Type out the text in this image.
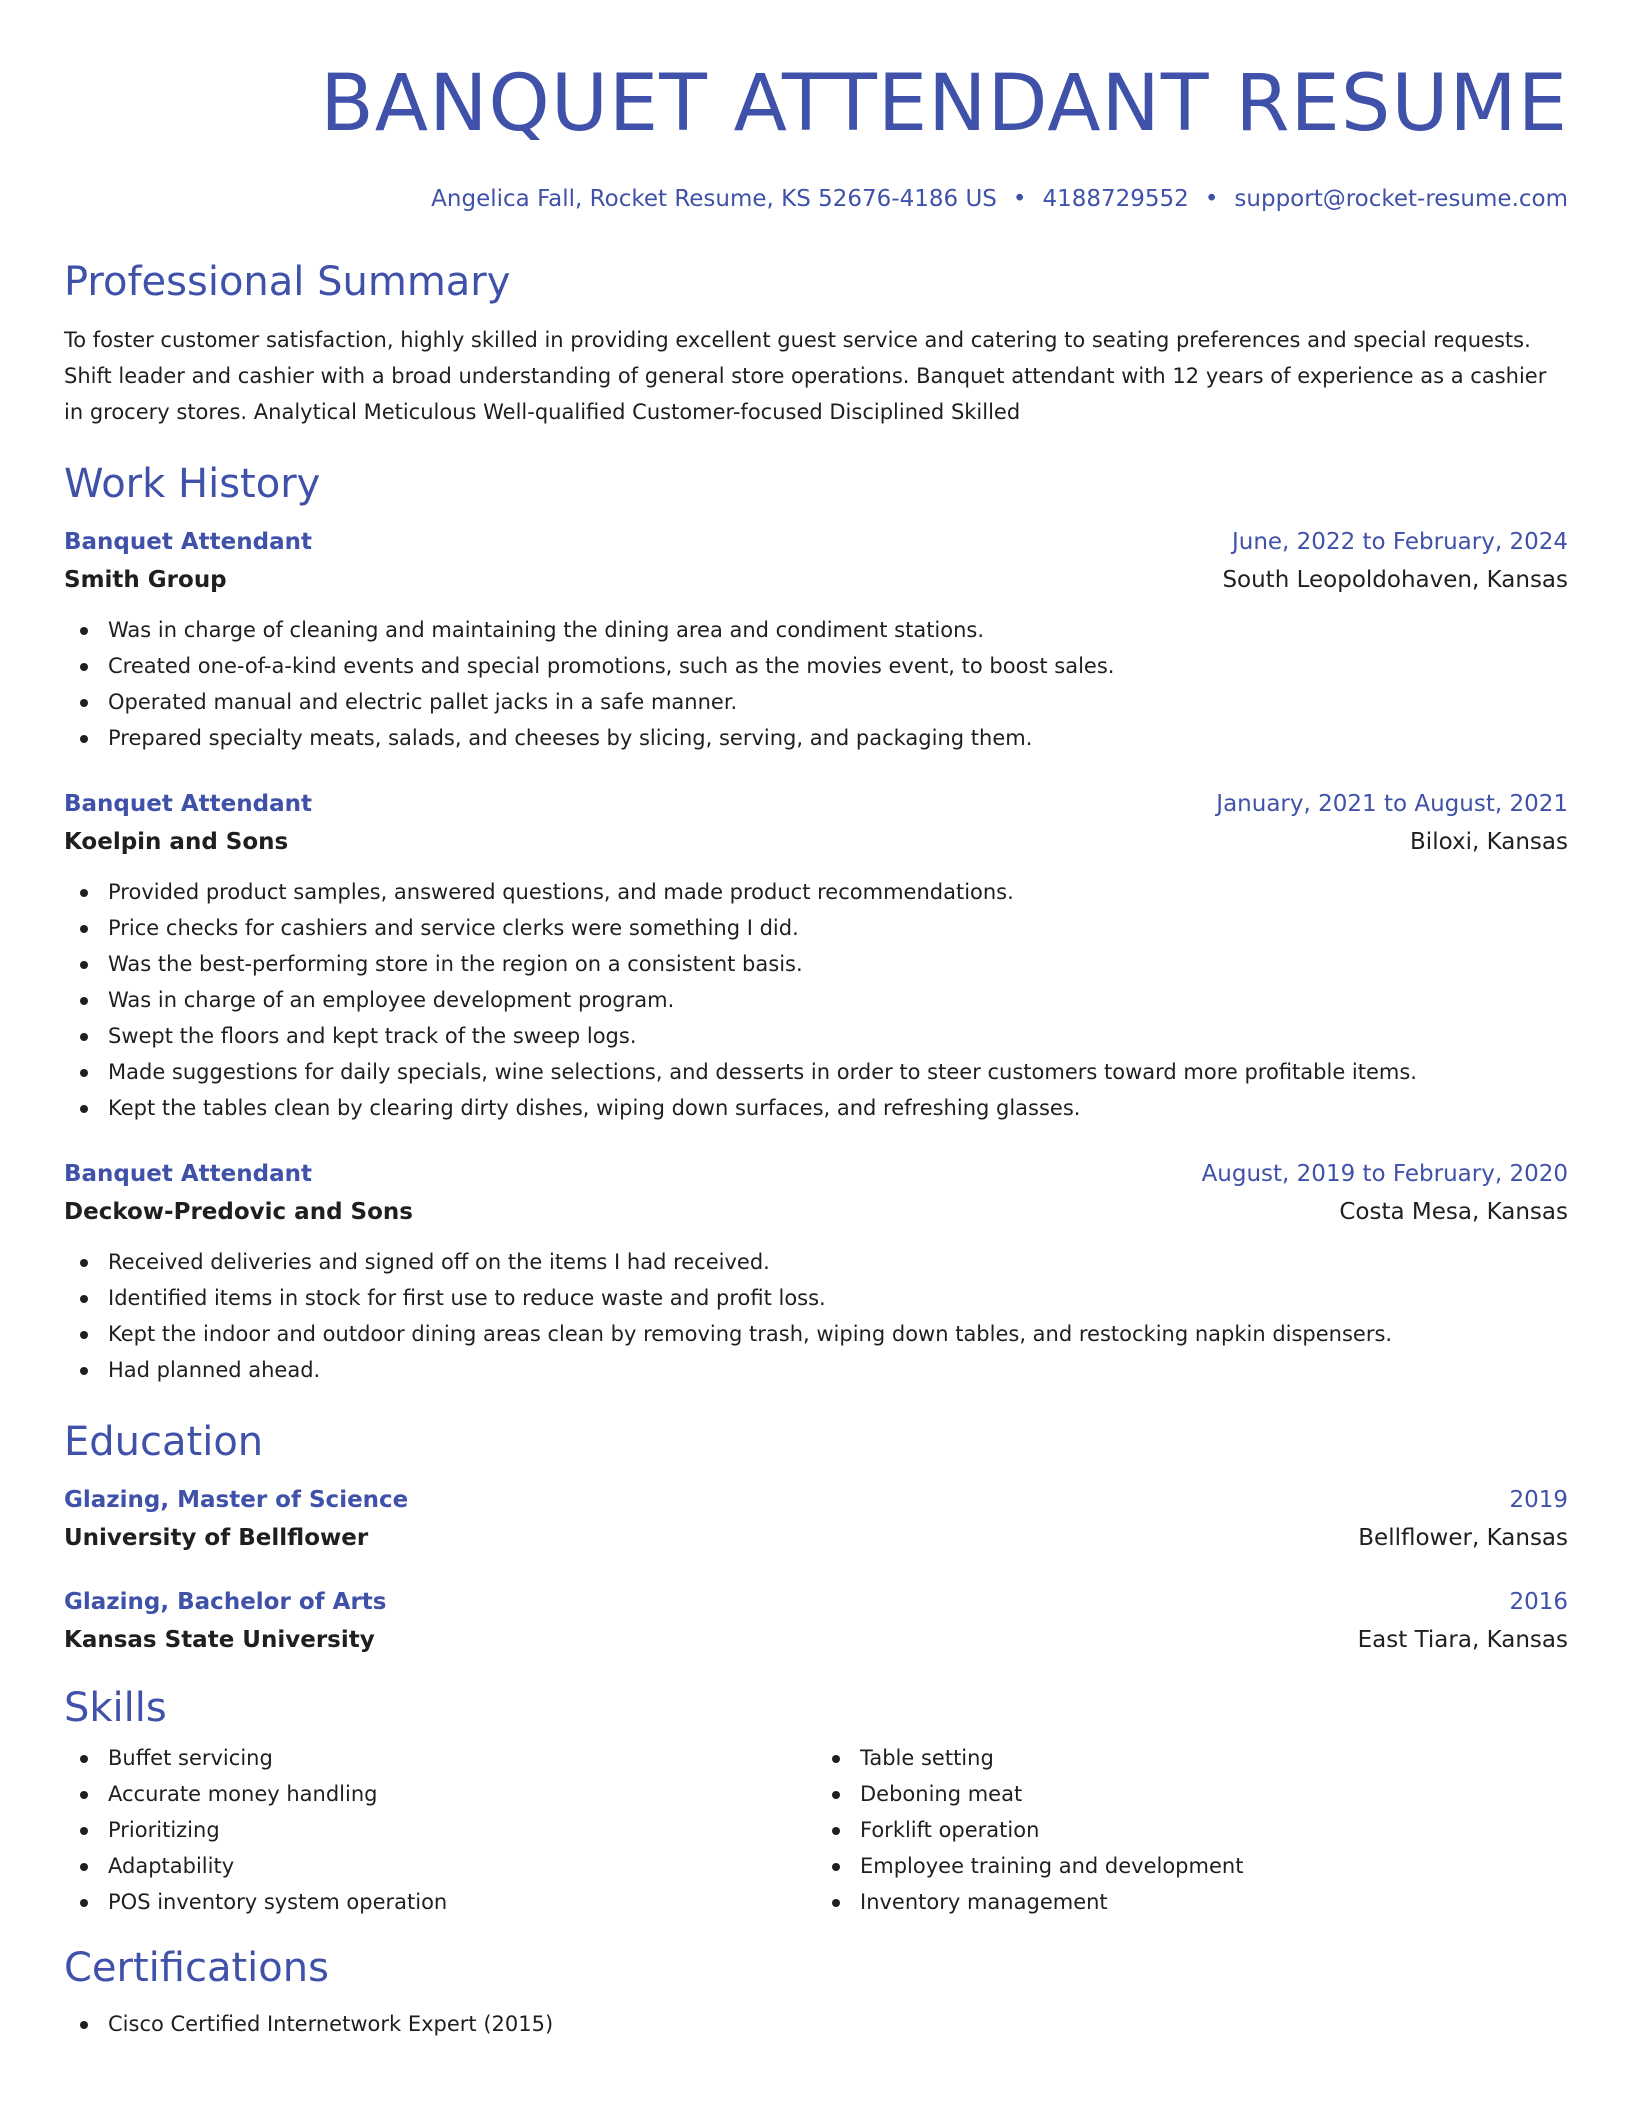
BANQUET ATTENDANT RESUME
Angelica Fall, Rocket Resume, KS 52676-4186 US • 4188729552 • support@rocket-resume.com
Professional Summary

To foster customer satisfaction, highly skilled in providing excellent guest service and catering to seating preferences and special requests. Shift leader and cashier with a broad understanding of general store operations. Banquet attendant with 12 years of experience as a cashier in grocery stores. Analytical Meticulous Well-qualified Customer-focused Disciplined Skilled

Work History
Banquet Attendant	June, 2022 to February, 2024
Smith Group	South Leopoldohaven, Kansas
Was in charge of cleaning and maintaining the dining area and condiment stations.
Created one-of-a-kind events and special promotions, such as the movies event, to boost sales.
Operated manual and electric pallet jacks in a safe manner.
Prepared specialty meats, salads, and cheeses by slicing, serving, and packaging them.
Banquet Attendant	January, 2021 to August, 2021
Koelpin and Sons	Biloxi, Kansas
Provided product samples, answered questions, and made product recommendations.
Price checks for cashiers and service clerks were something I did.
Was the best-performing store in the region on a consistent basis.
Was in charge of an employee development program.
Swept the floors and kept track of the sweep logs.
Made suggestions for daily specials, wine selections, and desserts in order to steer customers toward more profitable items.
Kept the tables clean by clearing dirty dishes, wiping down surfaces, and refreshing glasses.
Banquet Attendant	August, 2019 to February, 2020
Deckow-Predovic and Sons	Costa Mesa, Kansas
Received deliveries and signed off on the items I had received.
Identified items in stock for first use to reduce waste and profit loss.
Kept the indoor and outdoor dining areas clean by removing trash, wiping down tables, and restocking napkin dispensers.
Had planned ahead.
Education
Glazing, Master of Science	2019
University of Bellflower	Bellflower, Kansas
Glazing, Bachelor of Arts	2016
Kansas State University	East Tiara, Kansas
Skills
Buffet servicing
Accurate money handling
Prioritizing
Adaptability
POS inventory system operation
Table setting
Deboning meat
Forklift operation
Employee training and development
Inventory management
Certifications
Cisco Certified Internetwork Expert (2015)
